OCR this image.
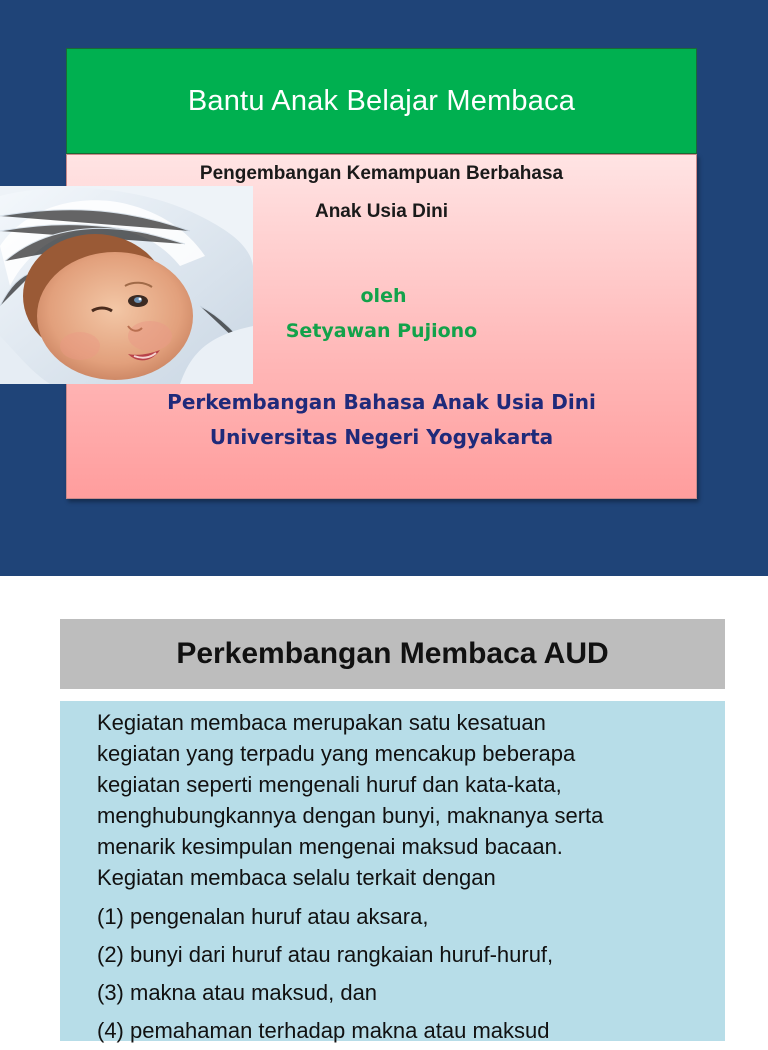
Bantu Anak Belajar Membaca
Pengembangan Kemampuan Berbahasa
Anak Usia Dini
oleh
Setyawan Pujiono
Perkembangan Bahasa Anak Usia Dini
Universitas Negeri Yogyakarta
Perkembangan Membaca AUD
Kegiatan membaca merupakan satu kesatuan
kegiatan yang terpadu yang mencakup beberapa
kegiatan seperti mengenali huruf dan kata-kata,
menghubungkannya dengan bunyi, maknanya serta
menarik kesimpulan mengenai maksud bacaan.
Kegiatan membaca selalu terkait dengan
(1) pengenalan huruf atau aksara,
(2) bunyi dari huruf atau rangkaian huruf-huruf,
(3) makna atau maksud, dan
(4) pemahaman terhadap makna atau maksud
